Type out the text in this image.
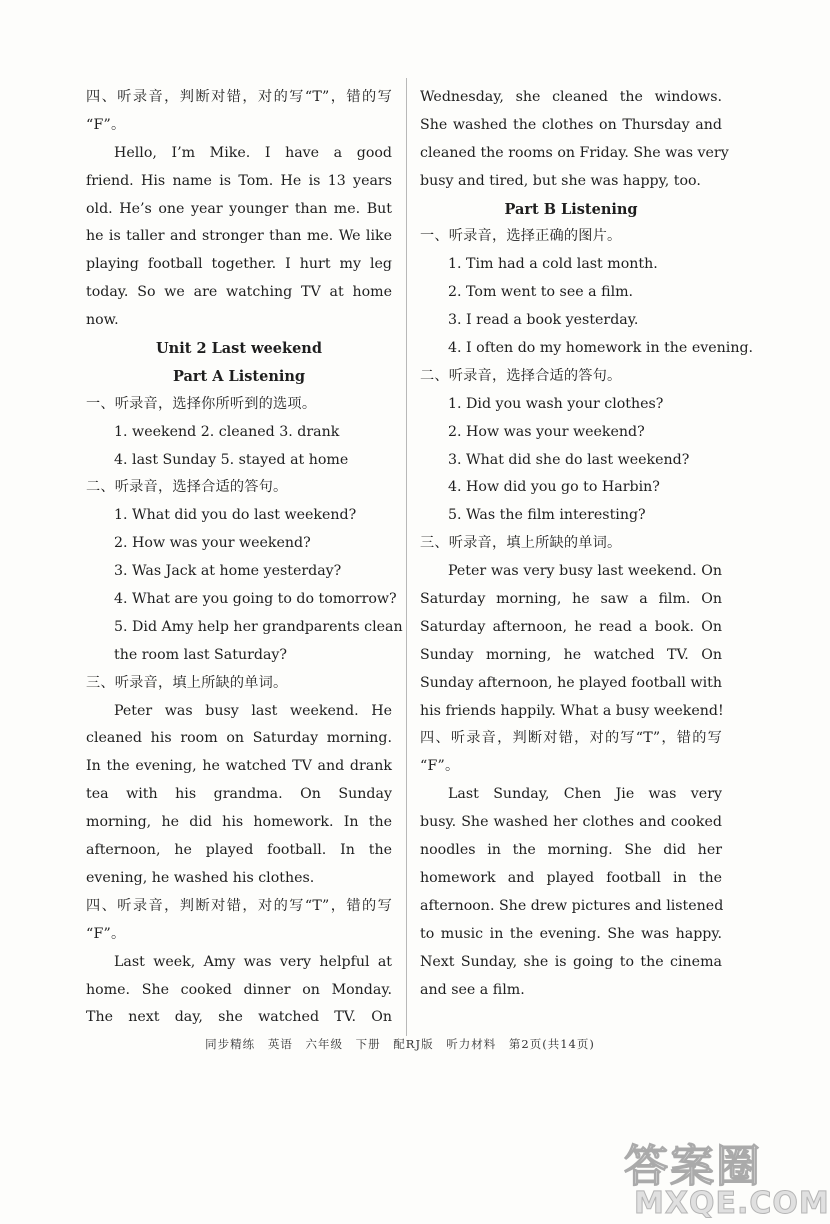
四、听录音，判断对错，对的写“T”，错的写
“F”。
Hello, I’m Mike. I have a good
friend. His name is Tom. He is 13 years
old. He’s one year younger than me. But
he is taller and stronger than me. We like
playing football together. I hurt my leg
today. So we are watching TV at home
now.
Unit 2 Last weekend
Part A Listening
一、听录音，选择你所听到的选项。
1. weekend 2. cleaned 3. drank
4. last Sunday 5. stayed at home
二、听录音，选择合适的答句。
1. What did you do last weekend?
2. How was your weekend?
3. Was Jack at home yesterday?
4. What are you going to do tomorrow?
5. Did Amy help her grandparents clean
the room last Saturday?
三、听录音，填上所缺的单词。
Peter was busy last weekend. He
cleaned his room on Saturday morning.
In the evening, he watched TV and drank
tea with his grandma. On Sunday
morning, he did his homework. In the
afternoon, he played football. In the
evening, he washed his clothes.
四、听录音，判断对错，对的写“T”，错的写
“F”。
Last week, Amy was very helpful at
home. She cooked dinner on Monday.
The next day, she watched TV. On
Wednesday, she cleaned the windows.
She washed the clothes on Thursday and
cleaned the rooms on Friday. She was very
busy and tired, but she was happy, too.
Part B Listening
一、听录音，选择正确的图片。
1. Tim had a cold last month.
2. Tom went to see a film.
3. I read a book yesterday.
4. I often do my homework in the evening.
二、听录音，选择合适的答句。
1. Did you wash your clothes?
2. How was your weekend?
3. What did she do last weekend?
4. How did you go to Harbin?
5. Was the film interesting?
三、听录音，填上所缺的单词。
Peter was very busy last weekend. On
Saturday morning, he saw a film. On
Saturday afternoon, he read a book. On
Sunday morning, he watched TV. On
Sunday afternoon, he played football with
his friends happily. What a busy weekend!
四、听录音，判断对错，对的写“T”，错的写
“F”。
Last Sunday, Chen Jie was very
busy. She washed her clothes and cooked
noodles in the morning. She did her
homework and played football in the
afternoon. She drew pictures and listened
to music in the evening. She was happy.
Next Sunday, she is going to the cinema
and see a film.
同步精练 英语 六年级 下册 配RJ版 听力材料 第2页(共14页)
答案圈
MXQE.COM
